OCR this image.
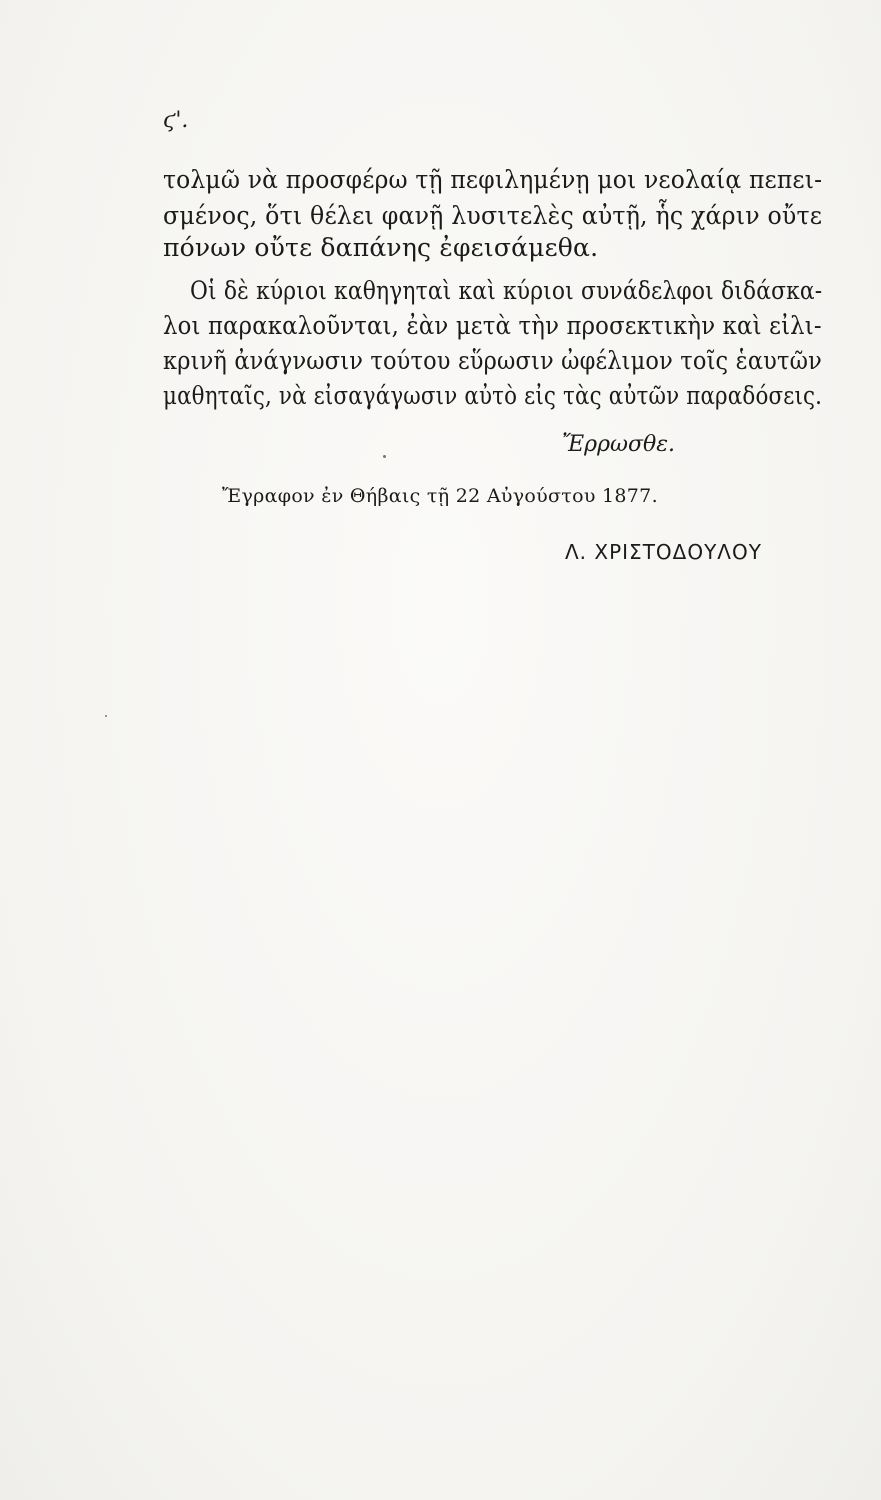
ϛ'.
τολμῶ νὰ προσφέρω τῇ πεφιλημένῃ μοι νεολαίᾳ πεπει-
σμένος, ὅτι θέλει φανῇ λυσιτελὲς αὐτῇ, ἧς χάριν οὔτε
πόνων οὔτε δαπάνης ἐφεισάμεθα.
Οἱ δὲ κύριοι καθηγηταὶ καὶ κύριοι συνάδελφοι διδάσκα-
λοι παρακαλοῦνται, ἐὰν μετὰ τὴν προσεκτικὴν καὶ εἰλι-
κρινῆ ἀνάγνωσιν τούτου εὕρωσιν ὠφέλιμον τοῖς ἑαυτῶν
μαθηταῖς, νὰ εἰσαγάγωσιν αὐτὸ εἰς τὰς αὐτῶν παραδόσεις.
Ἔρρωσθε.
Ἔγραφον ἐν Θήβαις τῇ 22 Αὐγούστου 1877.
Λ. ΧΡΙΣΤΟΔΟΥΛΟΥ
